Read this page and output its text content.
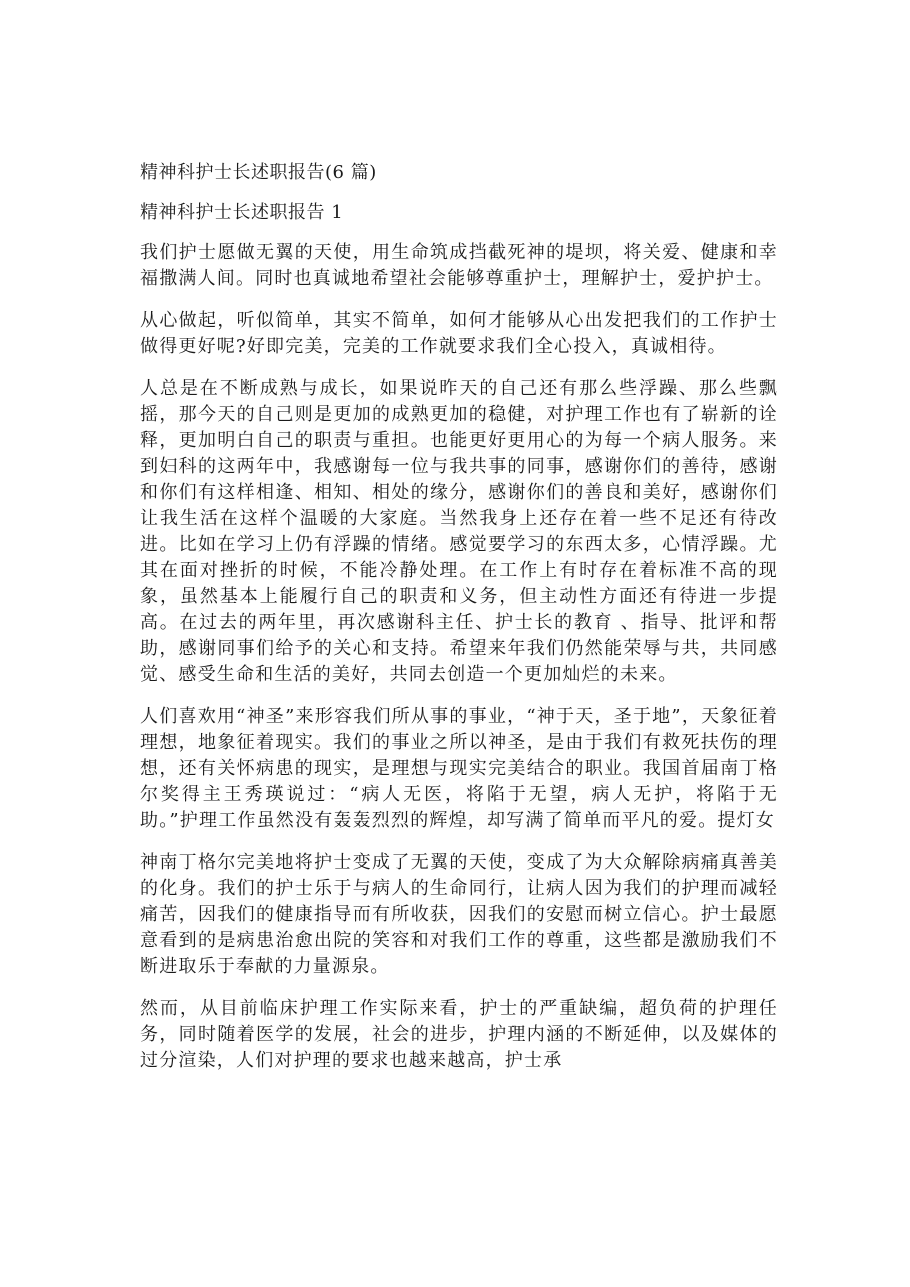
精神科护士长述职报告(6 篇)

精神科护士长述职报告 1

我们护士愿做无翼的天使，用生命筑成挡截死神的堤坝，将关爱、健康和幸福撒满人间。同时也真诚地希望社会能够尊重护士，理解护士，爱护护士。

从心做起，听似简单，其实不简单，如何才能够从心出发把我们的工作护士做得更好呢?好即完美，完美的工作就要求我们全心投入，真诚相待。

人总是在不断成熟与成长，如果说昨天的自己还有那么些浮躁、那么些飘摇，那今天的自己则是更加的成熟更加的稳健，对护理工作也有了崭新的诠释，更加明白自己的职责与重担。也能更好更用心的为每一个病人服务。来到妇科的这两年中，我感谢每一位与我共事的同事，感谢你们的善待，感谢和你们有这样相逢、相知、相处的缘分，感谢你们的善良和美好，感谢你们让我生活在这样个温暖的大家庭。当然我身上还存在着一些不足还有待改进。比如在学习上仍有浮躁的情绪。感觉要学习的东西太多，心情浮躁。尤其在面对挫折的时候，不能冷静处理。在工作上有时存在着标准不高的现象，虽然基本上能履行自己的职责和义务，但主动性方面还有待进一步提高。在过去的两年里，再次感谢科主任、护士长的教育 、指导、批评和帮助，感谢同事们给予的关心和支持。希望来年我们仍然能荣辱与共，共同感觉、感受生命和生活的美好，共同去创造一个更加灿烂的未来。

人们喜欢用“神圣”来形容我们所从事的事业，“神于天，圣于地”，天象征着理想，地象征着现实。我们的事业之所以神圣，是由于我们有救死扶伤的理想，还有关怀病患的现实，是理想与现实完美结合的职业。我国首届南丁格尔奖得主王秀瑛说过：“病人无医，将陷于无望，病人无护，将陷于无助。”护理工作虽然没有轰轰烈烈的辉煌，却写满了简单而平凡的爱。提灯女

神南丁格尔完美地将护士变成了无翼的天使，变成了为大众解除病痛真善美的化身。我们的护士乐于与病人的生命同行，让病人因为我们的护理而减轻痛苦，因我们的健康指导而有所收获，因我们的安慰而树立信心。护士最愿意看到的是病患治愈出院的笑容和对我们工作的尊重，这些都是激励我们不断进取乐于奉献的力量源泉。

然而，从目前临床护理工作实际来看，护士的严重缺编，超负荷的护理任务，同时随着医学的发展，社会的进步，护理内涵的不断延伸，以及媒体的过分渲染，人们对护理的要求也越来越高，护士承
